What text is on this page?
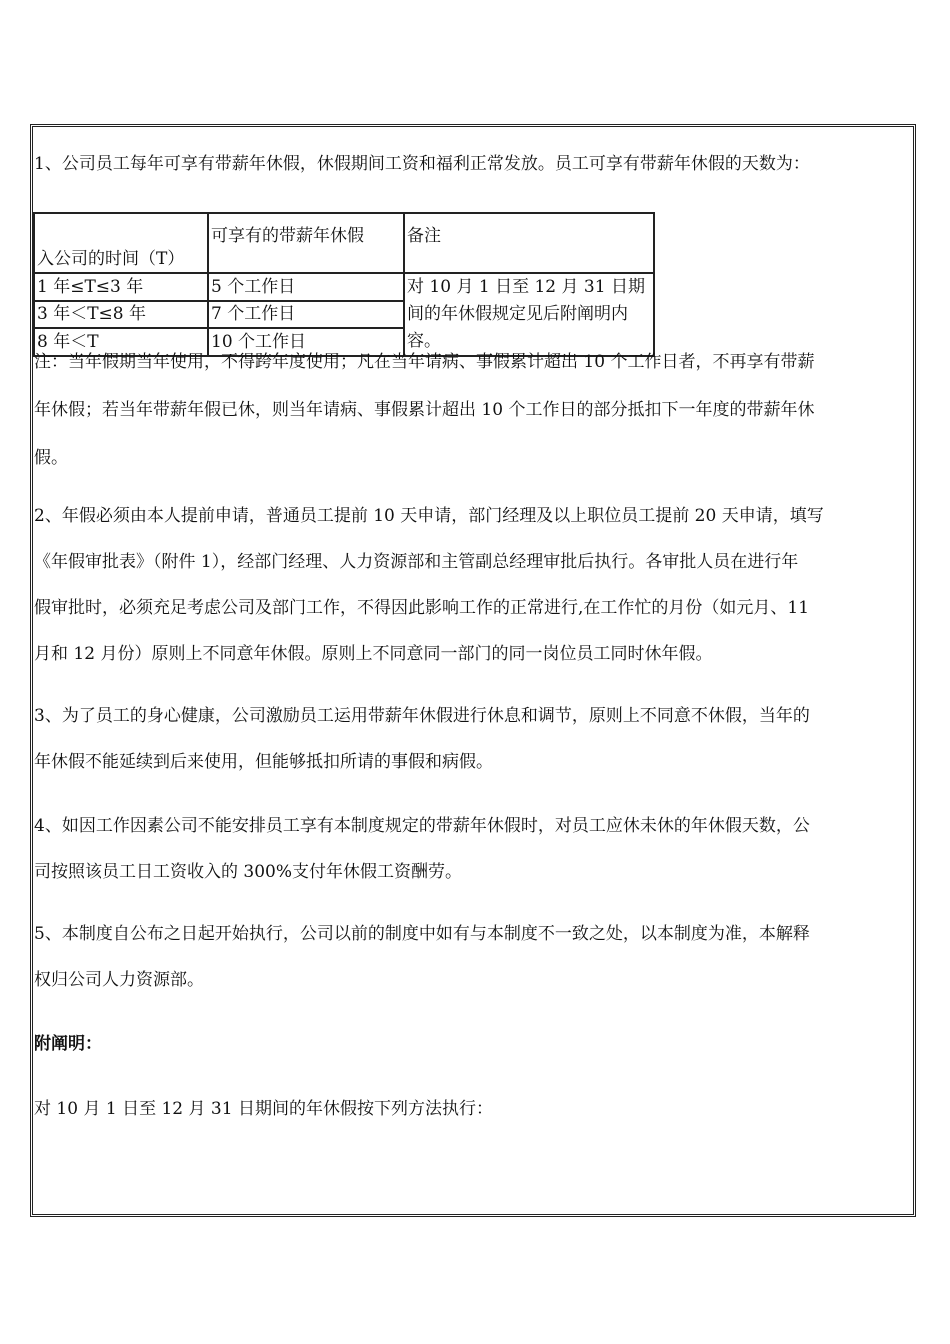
1、公司员工每年可享有带薪年休假，休假期间工资和福利正常发放。员工可享有带薪年休假的天数为：
入公司的时间（T）	可享有的带薪年休假	备注
1 年≤T≤3 年	5 个工作日	对 10 月 1 日至 12 月 31 日期间的年休假规定见后附阐明内容。
3 年＜T≤8 年	7 个工作日	
8 年＜T	10 个工作日	
注：当年假期当年使用，不得跨年度使用；凡在当年请病、事假累计超出 10 个工作日者，不再享有带薪
年休假；若当年带薪年假已休，则当年请病、事假累计超出 10 个工作日的部分抵扣下一年度的带薪年休
假。
2、年假必须由本人提前申请，普通员工提前 10 天申请，部门经理及以上职位员工提前 20 天申请，填写
《年假审批表》（附件 1），经部门经理、人力资源部和主管副总经理审批后执行。各审批人员在进行年
假审批时，必须充足考虑公司及部门工作，不得因此影响工作的正常进行,在工作忙的月份（如元月、11
月和 12 月份）原则上不同意年休假。原则上不同意同一部门的同一岗位员工同时休年假。
3、为了员工的身心健康，公司激励员工运用带薪年休假进行休息和调节，原则上不同意不休假，当年的
年休假不能延续到后来使用，但能够抵扣所请的事假和病假。
4、如因工作因素公司不能安排员工享有本制度规定的带薪年休假时，对员工应休未休的年休假天数，公
司按照该员工日工资收入的 300%支付年休假工资酬劳。
5、本制度自公布之日起开始执行，公司以前的制度中如有与本制度不一致之处，以本制度为准，本解释
权归公司人力资源部。
附阐明：
对 10 月 1 日至 12 月 31 日期间的年休假按下列方法执行：
